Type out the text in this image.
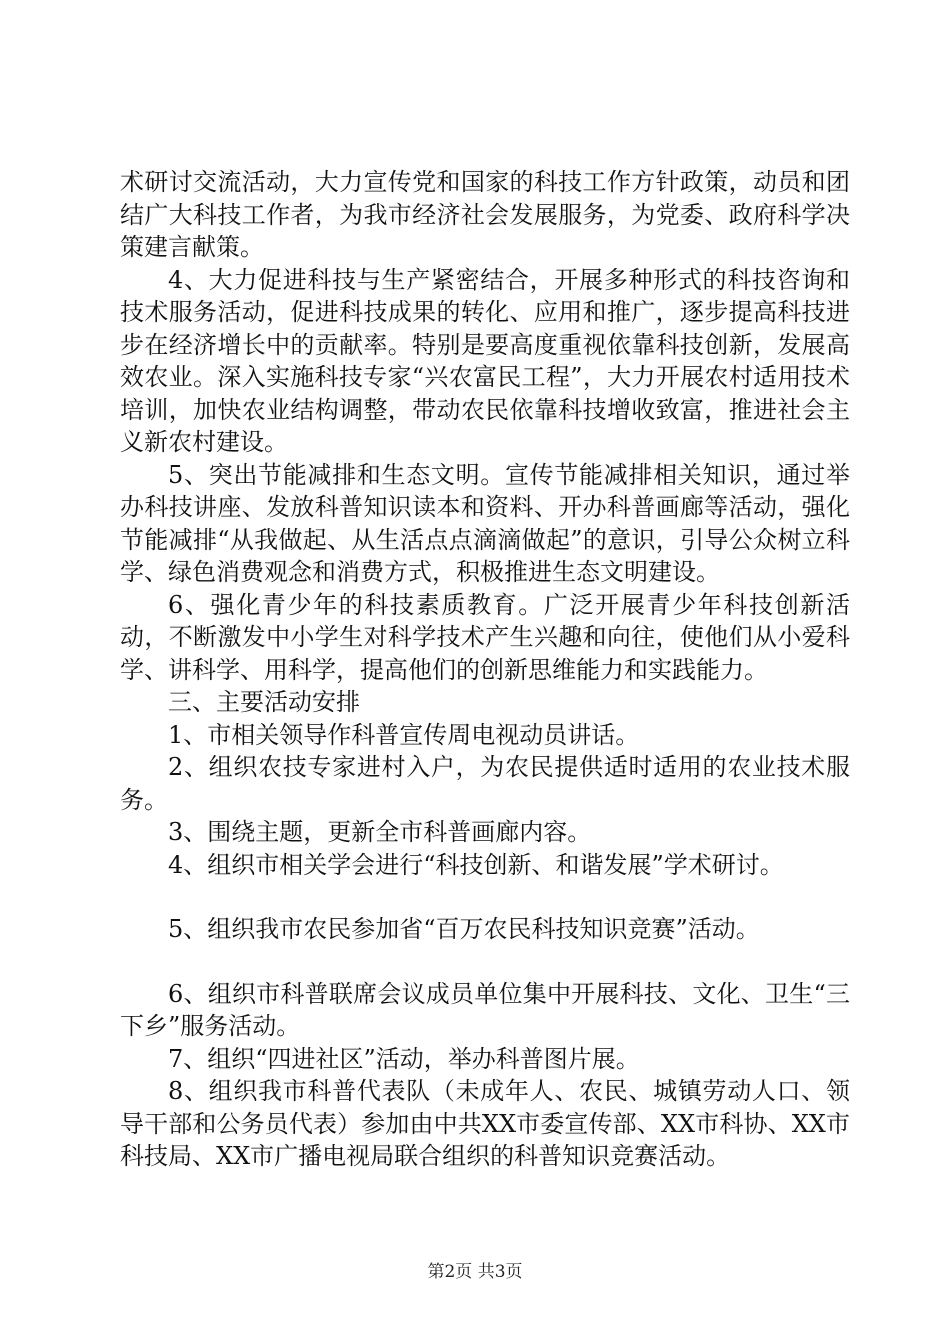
术研讨交流活动，大力宣传党和国家的科技工作方针政策，动员和团结广大科技工作者，为我市经济社会发展服务，为党委、政府科学决策建言献策。

4、大力促进科技与生产紧密结合，开展多种形式的科技咨询和技术服务活动，促进科技成果的转化、应用和推广，逐步提高科技进步在经济增长中的贡献率。特别是要高度重视依靠科技创新，发展高效农业。深入实施科技专家“兴农富民工程”，大力开展农村适用技术培训，加快农业结构调整，带动农民依靠科技增收致富，推进社会主义新农村建设。

5、突出节能减排和生态文明。宣传节能减排相关知识，通过举办科技讲座、发放科普知识读本和资料、开办科普画廊等活动，强化节能减排“从我做起、从生活点点滴滴做起”的意识，引导公众树立科学、绿色消费观念和消费方式，积极推进生态文明建设。

6、强化青少年的科技素质教育。广泛开展青少年科技创新活动，不断激发中小学生对科学技术产生兴趣和向往，使他们从小爱科学、讲科学、用科学，提高他们的创新思维能力和实践能力。

三、主要活动安排

1、市相关领导作科普宣传周电视动员讲话。

2、组织农技专家进村入户，为农民提供适时适用的农业技术服务。

3、围绕主题，更新全市科普画廊内容。

4、组织市相关学会进行“科技创新、和谐发展”学术研讨。

5、组织我市农民参加省“百万农民科技知识竞赛”活动。

6、组织市科普联席会议成员单位集中开展科技、文化、卫生“三下乡”服务活动。

7、组织“四进社区”活动，举办科普图片展。

8、组织我市科普代表队（未成年人、农民、城镇劳动人口、领导干部和公务员代表）参加由中共XX市委宣传部、XX市科协、XX市科技局、XX市广播电视局联合组织的科普知识竞赛活动。

第2页 共3页
